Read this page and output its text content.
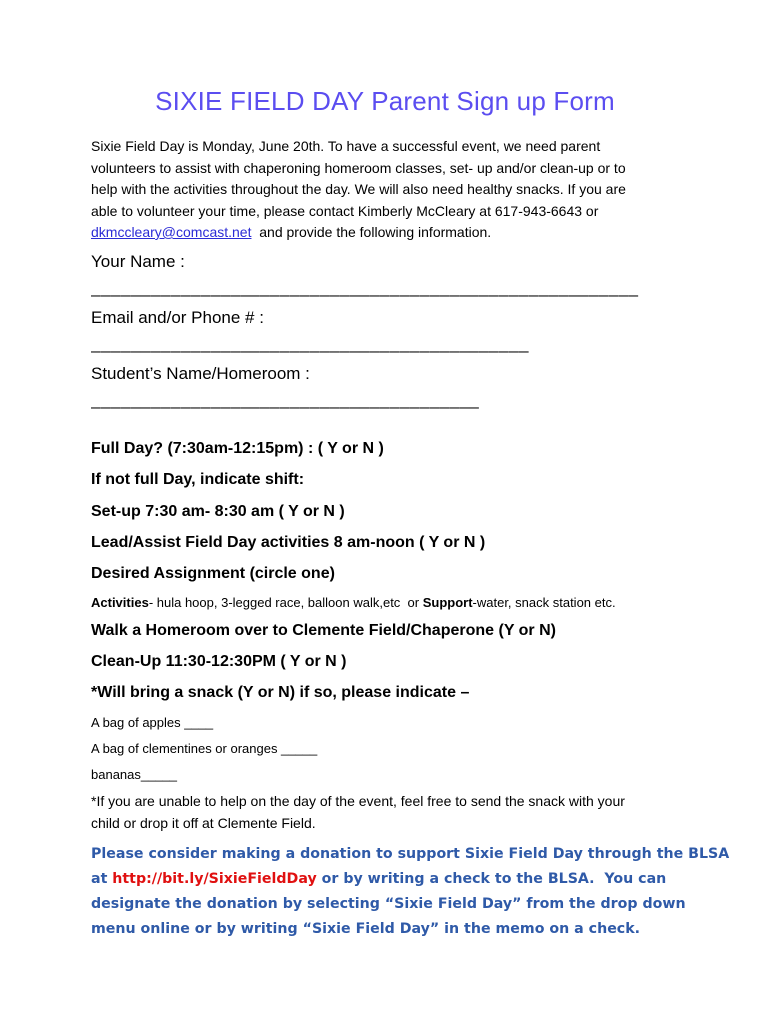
SIXIE FIELD DAY Parent Sign up Form
Sixie Field Day is Monday, June 20th. To have a successful event, we need parent
volunteers to assist with chaperoning homeroom classes, set- up and/or clean-up or to
help with the activities throughout the day. We will also need healthy snacks. If you are
able to volunteer your time, please contact Kimberly McCleary at 617-943-6643 or
dkmccleary@comcast.net  and provide the following information.
Your Name :
_______________________________________________________
Email and/or Phone # :
____________________________________________
Student’s Name/Homeroom :
_______________________________________
Full Day? (7:30am-12:15pm) : ( Y or N )
If not full Day, indicate shift:
Set-up 7:30 am- 8:30 am ( Y or N )
Lead/Assist Field Day activities 8 am-noon ( Y or N )
Desired Assignment (circle one)
Activities- hula hoop, 3-legged race, balloon walk,etc  or Support-water, snack station etc.
Walk a Homeroom over to Clemente Field/Chaperone (Y or N)
Clean-Up 11:30-12:30PM ( Y or N )
*Will bring a snack (Y or N) if so, please indicate –
A bag of apples ____
A bag of clementines or oranges _____
bananas_____
*If you are unable to help on the day of the event, feel free to send the snack with your
child or drop it off at Clemente Field.
Please consider making a donation to support Sixie Field Day through the BLSA
at http://bit.ly/SixieFieldDay or by writing a check to the BLSA.  You can
designate the donation by selecting “Sixie Field Day” from the drop down
menu online or by writing “Sixie Field Day” in the memo on a check.
